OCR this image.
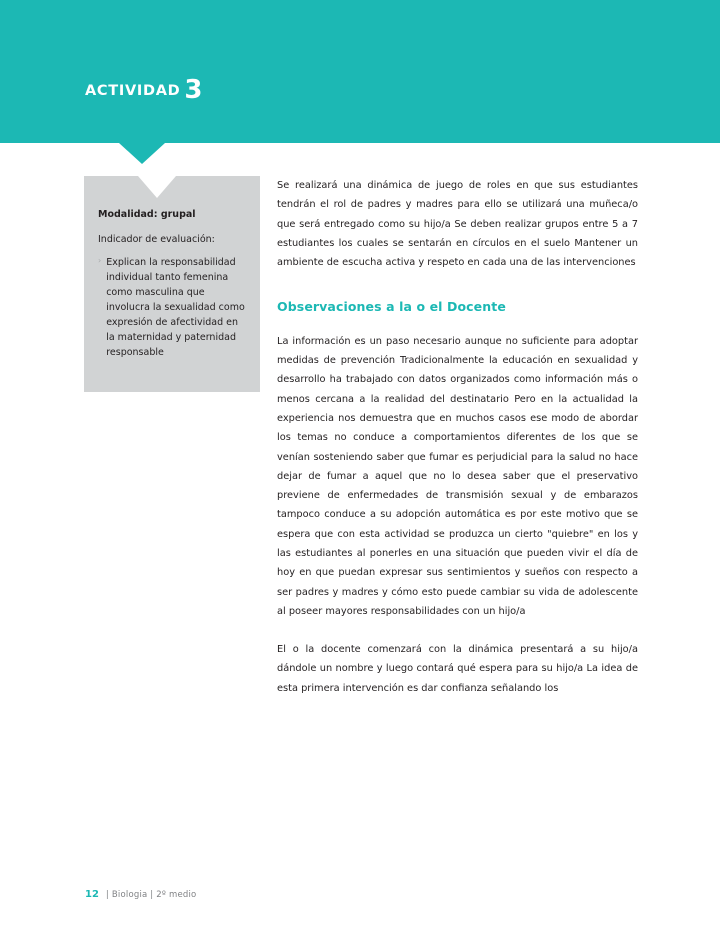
ACTIVIDAD 3

Modalidad: grupal

Indicador de evaluación:

› Explican la responsabilidad individual tanto femenina como masculina que involucra la sexualidad como expresión de afectividad en la maternidad y paternidad responsable

Se realizará una dinámica de juego de roles en que sus estudiantes tendrán el rol de padres y madres para ello se utilizará una muñeca/o que será entregado como su hijo/a Se deben realizar grupos entre 5 a 7 estudiantes los cuales se sentarán en círculos en el suelo Mantener un ambiente de escucha activa y respeto en cada una de las intervenciones

Observaciones a la o el Docente

La información es un paso necesario aunque no suficiente para adoptar medidas de prevención Tradicionalmente la educación en sexualidad y desarrollo ha trabajado con datos organizados como información más o menos cercana a la realidad del destinatario Pero en la actualidad la experiencia nos demuestra que en muchos casos ese modo de abordar los temas no conduce a comportamientos diferentes de los que se venían sosteniendo saber que fumar es perjudicial para la salud no hace dejar de fumar a aquel que no lo desea saber que el preservativo previene de enfermedades de transmisión sexual y de embarazos tampoco conduce a su adopción automática es por este motivo que se espera que con esta actividad se produzca un cierto "quiebre" en los y las estudiantes al ponerles en una situación que pueden vivir el día de hoy en que puedan expresar sus sentimientos y sueños con respecto a ser padres y madres y cómo esto puede cambiar su vida de adolescente al poseer mayores responsabilidades con un hijo/a

El o la docente comenzará con la dinámica presentará a su hijo/a dándole un nombre y luego contará qué espera para su hijo/a La idea de esta primera intervención es dar confianza señalando los

12 | Biologia | 2º medio
